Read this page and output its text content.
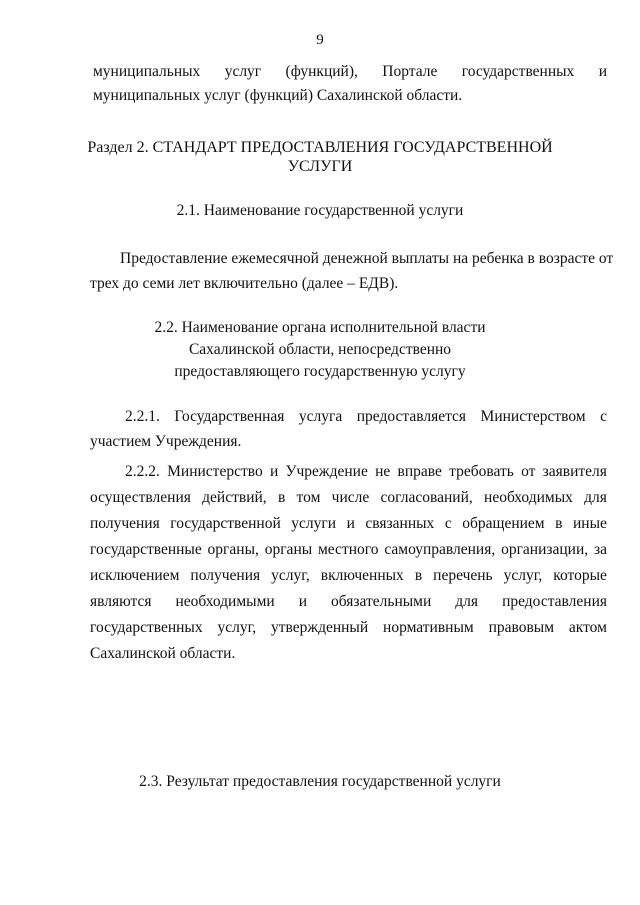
9
муниципальных услуг (функций), Портале государственных и
муниципальных услуг (функций) Сахалинской области.
Раздел 2. СТАНДАРТ ПРЕДОСТАВЛЕНИЯ ГОСУДАРСТВЕННОЙ
УСЛУГИ
2.1. Наименование государственной услуги
Предоставление ежемесячной денежной выплаты на ребенка в возрасте от
трех до семи лет включительно (далее – ЕДВ).
2.2. Наименование органа исполнительной власти
Сахалинской области, непосредственно
предоставляющего государственную услугу
2.2.1. Государственная услуга предоставляется Министерством с
участием Учреждения.
2.2.2. Министерство и Учреждение не вправе требовать от заявителя
осуществления действий, в том числе согласований, необходимых для
получения государственной услуги и связанных с обращением в иные
государственные органы, органы местного самоуправления, организации, за
исключением получения услуг, включенных в перечень услуг, которые
являются необходимыми и обязательными для предоставления
государственных услуг, утвержденный нормативным правовым актом
Сахалинской области.
2.3. Результат предоставления государственной услуги
